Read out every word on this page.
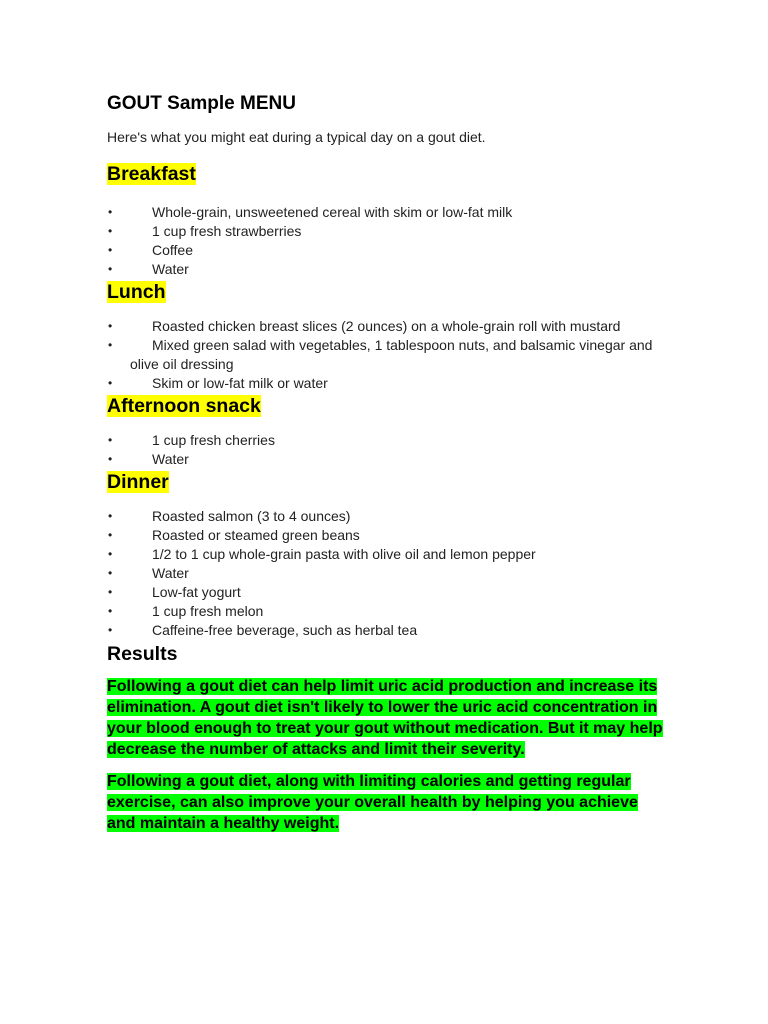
GOUT Sample MENU

Here's what you might eat during a typical day on a gout diet.

Breakfast
•	Whole-grain, unsweetened cereal with skim or low-fat milk
•	1 cup fresh strawberries
•	Coffee
•	Water
Lunch
•	Roasted chicken breast slices (2 ounces) on a whole-grain roll with mustard
•	Mixed green salad with vegetables, 1 tablespoon nuts, and balsamic vinegar and olive oil dressing
•	Skim or low-fat milk or water
Afternoon snack
•	1 cup fresh cherries
•	Water
Dinner
•	Roasted salmon (3 to 4 ounces)
•	Roasted or steamed green beans
•	1/2 to 1 cup whole-grain pasta with olive oil and lemon pepper
•	Water
•	Low-fat yogurt
•	1 cup fresh melon
•	Caffeine-free beverage, such as herbal tea
Results

Following a gout diet can help limit uric acid production and increase its elimination. A gout diet isn't likely to lower the uric acid concentration in your blood enough to treat your gout without medication. But it may help decrease the number of attacks and limit their severity.

Following a gout diet, along with limiting calories and getting regular exercise, can also improve your overall health by helping you achieve and maintain a healthy weight.
